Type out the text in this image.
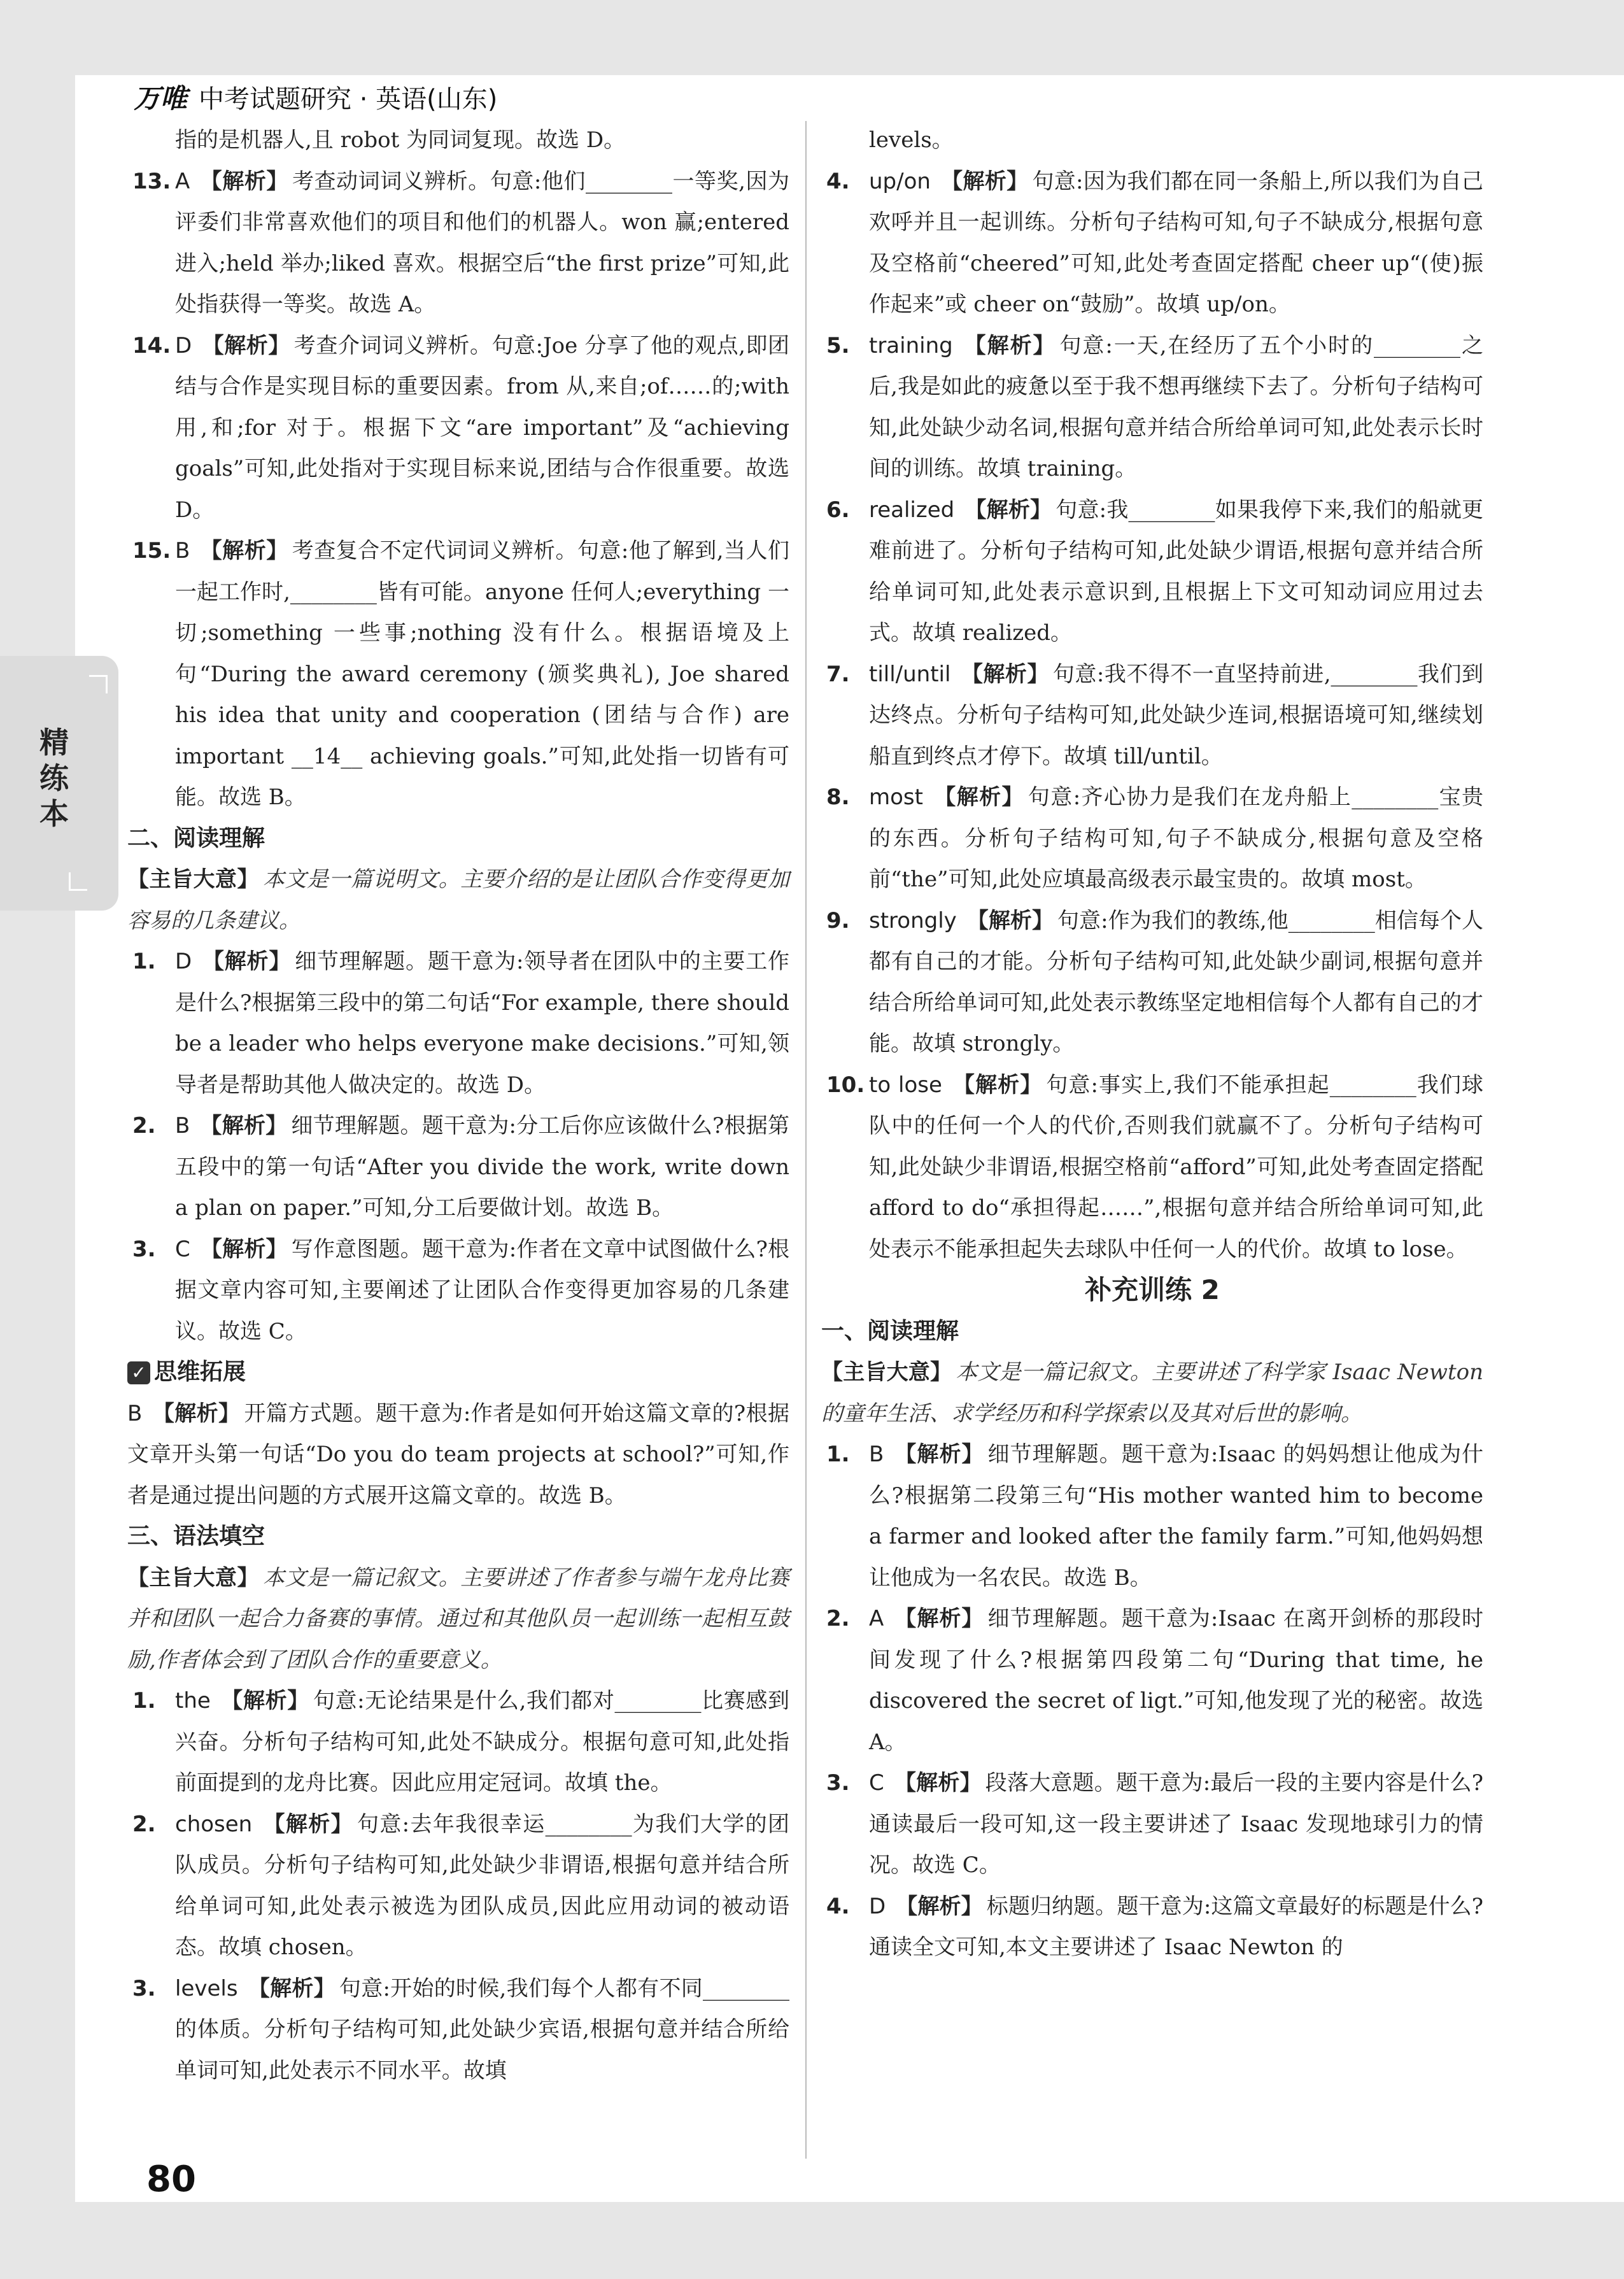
万唯 中考试题研究 · 英语(山东)
精练本
指的是机器人,且 robot 为同词复现。故选 D。
13. A 【解析】 考查动词词义辨析。句意:他们________一等奖,因为评委们非常喜欢他们的项目和他们的机器人。won 赢;entered 进入;held 举办;liked 喜欢。根据空后“the first prize”可知,此处指获得一等奖。故选 A。
14. D 【解析】 考查介词词义辨析。句意:Joe 分享了他的观点,即团结与合作是实现目标的重要因素。from 从,来自;of……的;with 用,和;for 对于。根据下文“are important”及“achieving goals”可知,此处指对于实现目标来说,团结与合作很重要。故选 D。
15. B 【解析】 考查复合不定代词词义辨析。句意:他了解到,当人们一起工作时,________皆有可能。anyone 任何人;everything 一切;something 一些事;nothing 没有什么。根据语境及上句“During the award ceremony (颁奖典礼), Joe shared his idea that unity and cooperation (团结与合作) are important __14__ achieving goals.”可知,此处指一切皆有可能。故选 B。
二、阅读理解
【主旨大意】 本文是一篇说明文。主要介绍的是让团队合作变得更加容易的几条建议。
1. D 【解析】 细节理解题。题干意为:领导者在团队中的主要工作是什么?根据第三段中的第二句话“For example, there should be a leader who helps everyone make decisions.”可知,领导者是帮助其他人做决定的。故选 D。
2. B 【解析】 细节理解题。题干意为:分工后你应该做什么?根据第五段中的第一句话“After you divide the work, write down a plan on paper.”可知,分工后要做计划。故选 B。
3. C 【解析】 写作意图题。题干意为:作者在文章中试图做什么?根据文章内容可知,主要阐述了让团队合作变得更加容易的几条建议。故选 C。
✓ 思维拓展
B 【解析】 开篇方式题。题干意为:作者是如何开始这篇文章的?根据文章开头第一句话“Do you do team projects at school?”可知,作者是通过提出问题的方式展开这篇文章的。故选 B。
三、语法填空
【主旨大意】 本文是一篇记叙文。主要讲述了作者参与端午龙舟比赛并和团队一起合力备赛的事情。通过和其他队员一起训练一起相互鼓励,作者体会到了团队合作的重要意义。
1. the 【解析】 句意:无论结果是什么,我们都对________比赛感到兴奋。分析句子结构可知,此处不缺成分。根据句意可知,此处指前面提到的龙舟比赛。因此应用定冠词。故填 the。
2. chosen 【解析】 句意:去年我很幸运________为我们大学的团队成员。分析句子结构可知,此处缺少非谓语,根据句意并结合所给单词可知,此处表示被选为团队成员,因此应用动词的被动语态。故填 chosen。
3. levels 【解析】 句意:开始的时候,我们每个人都有不同________的体质。分析句子结构可知,此处缺少宾语,根据句意并结合所给单词可知,此处表示不同水平。故填
levels。
4. up/on 【解析】 句意:因为我们都在同一条船上,所以我们为自己欢呼并且一起训练。分析句子结构可知,句子不缺成分,根据句意及空格前“cheered”可知,此处考查固定搭配 cheer up“(使)振作起来”或 cheer on“鼓励”。故填 up/on。
5. training 【解析】 句意:一天,在经历了五个小时的________之后,我是如此的疲惫以至于我不想再继续下去了。分析句子结构可知,此处缺少动名词,根据句意并结合所给单词可知,此处表示长时间的训练。故填 training。
6. realized 【解析】 句意:我________如果我停下来,我们的船就更难前进了。分析句子结构可知,此处缺少谓语,根据句意并结合所给单词可知,此处表示意识到,且根据上下文可知动词应用过去式。故填 realized。
7. till/until 【解析】 句意:我不得不一直坚持前进,________我们到达终点。分析句子结构可知,此处缺少连词,根据语境可知,继续划船直到终点才停下。故填 till/until。
8. most 【解析】 句意:齐心协力是我们在龙舟船上________宝贵的东西。分析句子结构可知,句子不缺成分,根据句意及空格前“the”可知,此处应填最高级表示最宝贵的。故填 most。
9. strongly 【解析】 句意:作为我们的教练,他________相信每个人都有自己的才能。分析句子结构可知,此处缺少副词,根据句意并结合所给单词可知,此处表示教练坚定地相信每个人都有自己的才能。故填 strongly。
10. to lose 【解析】 句意:事实上,我们不能承担起________我们球队中的任何一个人的代价,否则我们就赢不了。分析句子结构可知,此处缺少非谓语,根据空格前“afford”可知,此处考查固定搭配 afford to do“承担得起……”,根据句意并结合所给单词可知,此处表示不能承担起失去球队中任何一人的代价。故填 to lose。
补充训练 2
一、阅读理解
【主旨大意】 本文是一篇记叙文。主要讲述了科学家 Isaac Newton 的童年生活、求学经历和科学探索以及其对后世的影响。
1. B 【解析】 细节理解题。题干意为:Isaac 的妈妈想让他成为什么?根据第二段第三句“His mother wanted him to become a farmer and looked after the family farm.”可知,他妈妈想让他成为一名农民。故选 B。
2. A 【解析】 细节理解题。题干意为:Isaac 在离开剑桥的那段时间发现了什么?根据第四段第二句“During that time, he discovered the secret of ligt.”可知,他发现了光的秘密。故选 A。
3. C 【解析】 段落大意题。题干意为:最后一段的主要内容是什么?通读最后一段可知,这一段主要讲述了 Isaac 发现地球引力的情况。故选 C。
4. D 【解析】 标题归纳题。题干意为:这篇文章最好的标题是什么?通读全文可知,本文主要讲述了 Isaac Newton 的
80
